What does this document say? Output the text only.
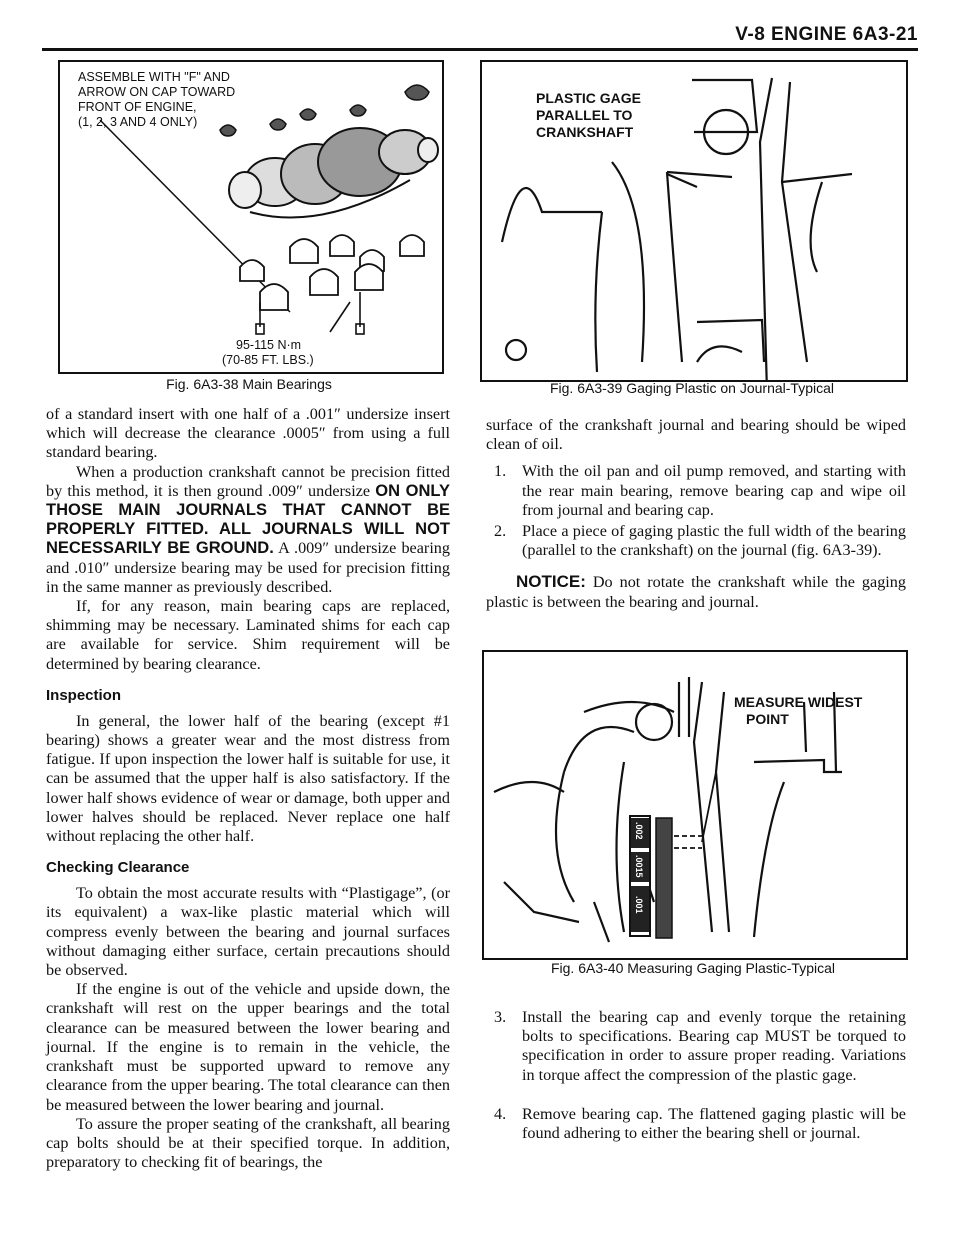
V-8 ENGINE 6A3-21
ASSEMBLE WITH "F" AND
ARROW ON CAP TOWARD
FRONT OF ENGINE,
(1, 2, 3 AND 4 ONLY)
95-115 N·m
(70-85 FT. LBS.)
Fig. 6A3-38 Main Bearings
PLASTIC GAGE
PARALLEL TO
CRANKSHAFT
Fig. 6A3-39 Gaging Plastic on Journal-Typical

of a standard insert with one half of a .001″ undersize insert which will decrease the clearance .0005″ from using a full standard bearing.

When a production crankshaft cannot be precision fitted by this method, it is then ground .009″ undersize ON ONLY THOSE MAIN JOURNALS THAT CANNOT BE PROPERLY FITTED. ALL JOURNALS WILL NOT NECESSARILY BE GROUND. A .009″ undersize bearing and .010″ undersize bearing may be used for precision fitting in the same manner as previously described.

If, for any reason, main bearing caps are replaced, shimming may be necessary. Laminated shims for each cap are available for service. Shim requirement will be determined by bearing clearance.

Inspection

In general, the lower half of the bearing (except #1 bearing) shows a greater wear and the most distress from fatigue. If upon inspection the lower half is suitable for use, it can be assumed that the upper half is also satisfactory. If the lower half shows evidence of wear or damage, both upper and lower halves should be replaced. Never replace one half without replacing the other half.

Checking Clearance

To obtain the most accurate results with “Plastigage”, (or its equivalent) a wax-like plastic material which will compress evenly between the bearing and journal surfaces without damaging either surface, certain precautions should be observed.

If the engine is out of the vehicle and upside down, the crankshaft will rest on the upper bearings and the total clearance can be measured between the lower bearing and journal. If the engine is to remain in the vehicle, the crankshaft must be supported upward to remove any clearance from the upper bearing. The total clearance can then be measured between the lower bearing and journal.

To assure the proper seating of the crankshaft, all bearing cap bolts should be at their specified torque. In addition, preparatory to checking fit of bearings, the

surface of the crankshaft journal and bearing should be wiped clean of oil.

1. With the oil pan and oil pump removed, and starting with the rear main bearing, remove bearing cap and wipe oil from journal and bearing cap.
2. Place a piece of gaging plastic the full width of the bearing (parallel to the crankshaft) on the journal (fig. 6A3-39).

NOTICE: Do not rotate the crankshaft while the gaging plastic is between the bearing and journal.

.002
.0015
.001
MEASURE WIDEST
POINT
Fig. 6A3-40 Measuring Gaging Plastic-Typical
3. Install the bearing cap and evenly torque the retaining bolts to specifications. Bearing cap MUST be torqued to specification in order to assure proper reading. Variations in torque affect the compression of the plastic gage.
4. Remove bearing cap. The flattened gaging plastic will be found adhering to either the bearing shell or journal.
